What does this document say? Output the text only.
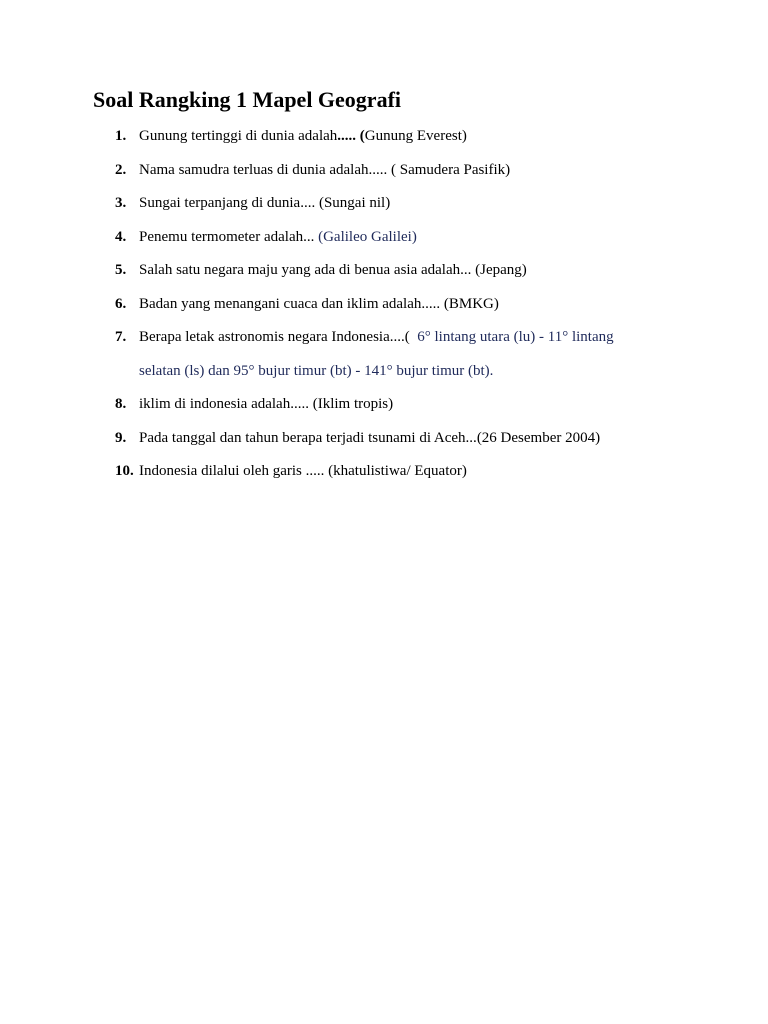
Soal Rangking 1 Mapel Geografi
1. Gunung tertinggi di dunia adalah..... (Gunung Everest)
2. Nama samudra terluas di dunia adalah..... ( Samudera Pasifik)
3. Sungai terpanjang di dunia.... (Sungai nil)
4. Penemu termometer adalah... (Galileo Galilei)
5. Salah satu negara maju yang ada di benua asia adalah... (Jepang)
6. Badan yang menangani cuaca dan iklim adalah..... (BMKG)
7. Berapa letak astronomis negara Indonesia....(  6° lintang utara (lu) - 11° lintang
selatan (ls) dan 95° bujur timur (bt) - 141° bujur timur (bt).
8. iklim di indonesia adalah..... (Iklim tropis)
9. Pada tanggal dan tahun berapa terjadi tsunami di Aceh...(26 Desember 2004)
10. Indonesia dilalui oleh garis ..... (khatulistiwa/ Equator)
